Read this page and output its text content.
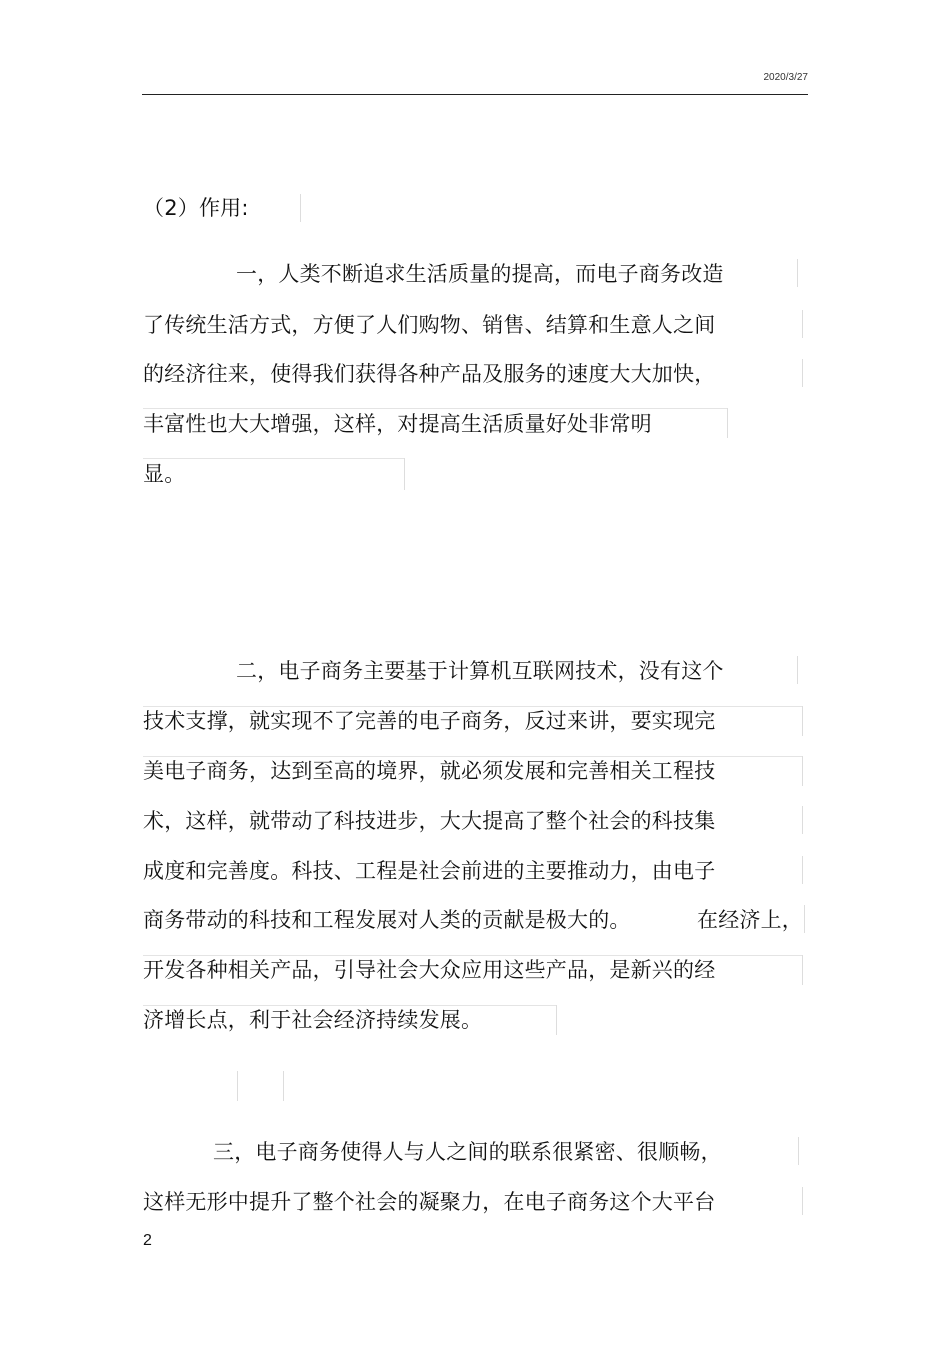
2020/3/27
（2）作用:
一，人类不断追求生活质量的提高，而电子商务改造
了传统生活方式，方便了人们购物、销售、结算和生意人之间
的经济往来，使得我们获得各种产品及服务的速度大大加快，
丰富性也大大增强，这样，对提高生活质量好处非常明
显。
二，电子商务主要基于计算机互联网技术，没有这个
技术支撑，就实现不了完善的电子商务，反过来讲，要实现完
美电子商务，达到至高的境界，就必须发展和完善相关工程技
术，这样，就带动了科技进步，大大提高了整个社会的科技集
成度和完善度。科技、工程是社会前进的主要推动力，由电子
商务带动的科技和工程发展对人类的贡献是极大的。	在经济上，
开发各种相关产品，引导社会大众应用这些产品，是新兴的经
济增长点，利于社会经济持续发展。
三，电子商务使得人与人之间的联系很紧密、很顺畅，
这样无形中提升了整个社会的凝聚力，在电子商务这个大平台
2
